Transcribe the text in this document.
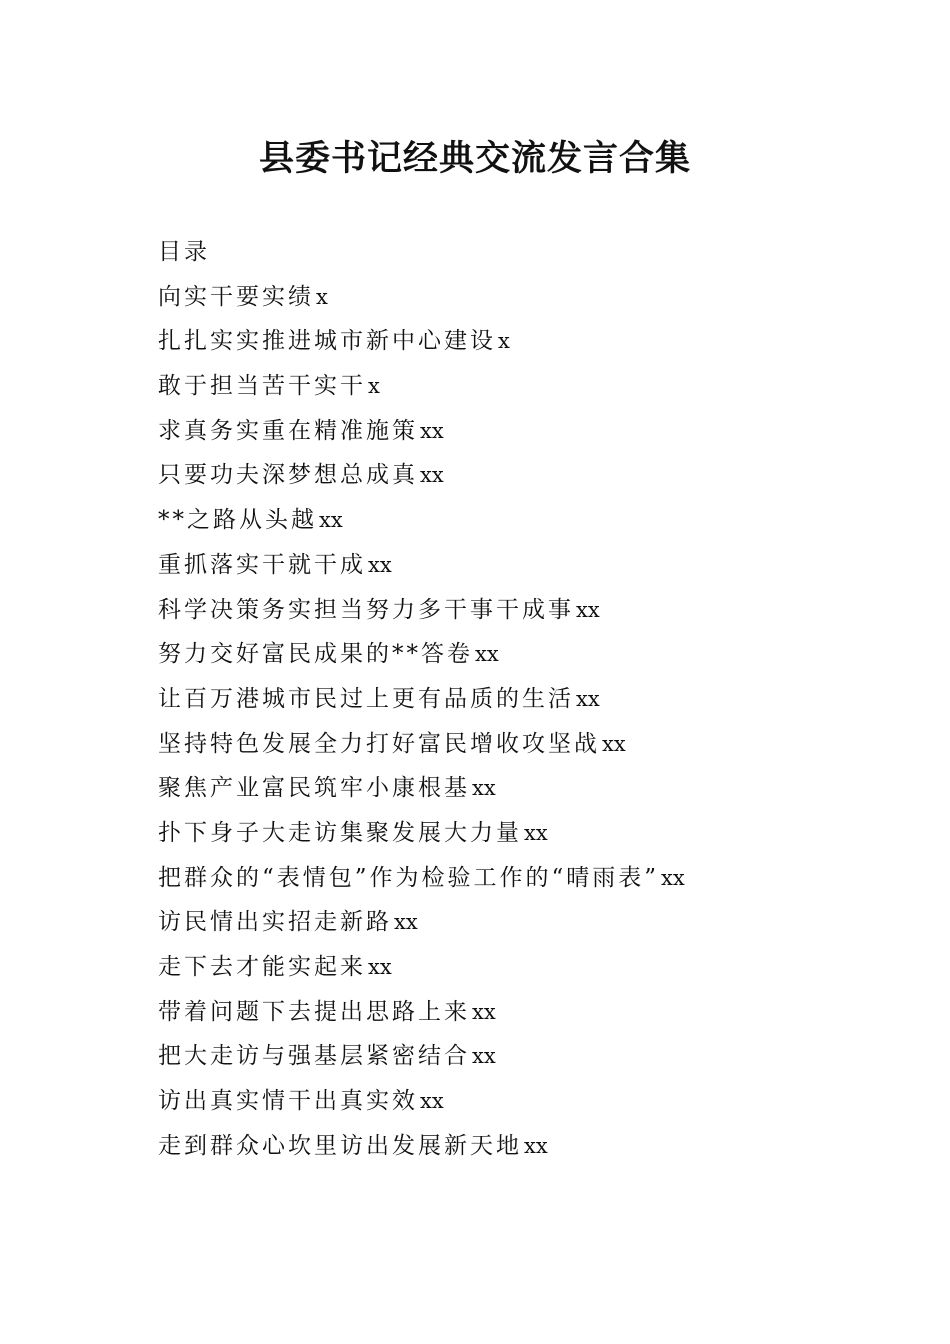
县委书记经典交流发言合集
目录
向实干要实绩x
扎扎实实推进城市新中心建设x
敢于担当苦干实干x
求真务实重在精准施策xx
只要功夫深梦想总成真xx
**之路从头越xx
重抓落实干就干成xx
科学决策务实担当努力多干事干成事xx
努力交好富民成果的**答卷xx
让百万港城市民过上更有品质的生活xx
坚持特色发展全力打好富民增收攻坚战xx
聚焦产业富民筑牢小康根基xx
扑下身子大走访集聚发展大力量xx
把群众的“表情包”作为检验工作的“晴雨表”xx
访民情出实招走新路xx
走下去才能实起来xx
带着问题下去提出思路上来xx
把大走访与强基层紧密结合xx
访出真实情干出真实效xx
走到群众心坎里访出发展新天地xx
